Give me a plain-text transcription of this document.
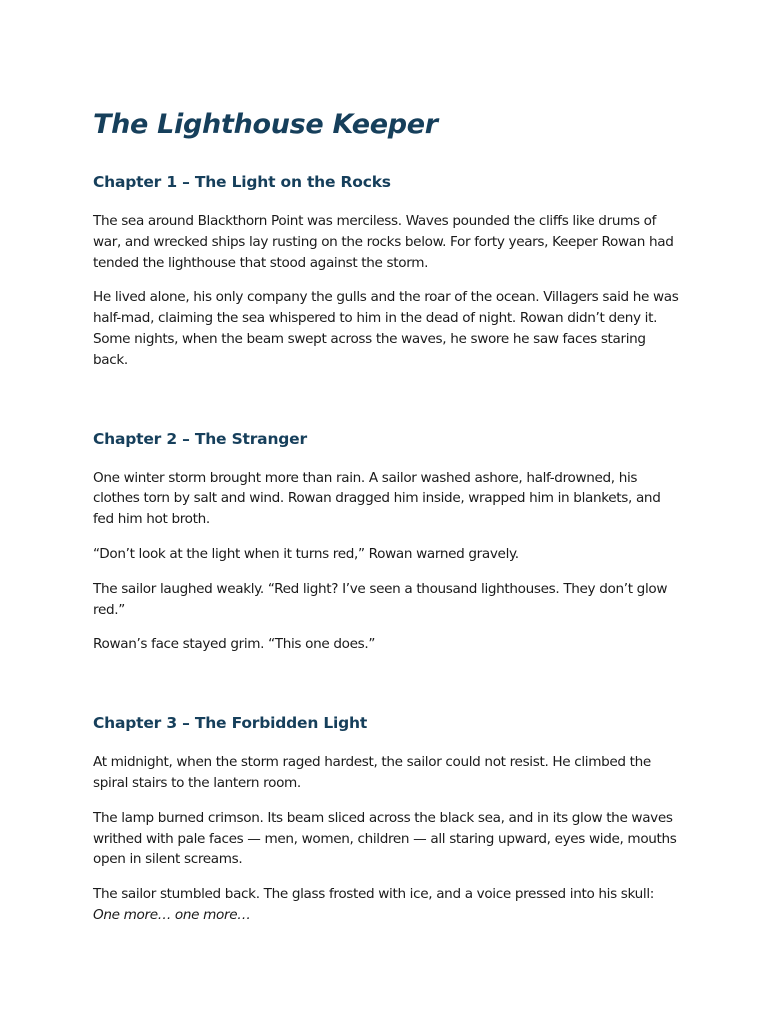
The Lighthouse Keeper
Chapter 1 – The Light on the Rocks

The sea around Blackthorn Point was merciless. Waves pounded the cliffs like drums of war, and wrecked ships lay rusting on the rocks below. For forty years, Keeper Rowan had tended the lighthouse that stood against the storm.

He lived alone, his only company the gulls and the roar of the ocean. Villagers said he was half-mad, claiming the sea whispered to him in the dead of night. Rowan didn’t deny it. Some nights, when the beam swept across the waves, he swore he saw faces staring back.

Chapter 2 – The Stranger

One winter storm brought more than rain. A sailor washed ashore, half-drowned, his clothes torn by salt and wind. Rowan dragged him inside, wrapped him in blankets, and fed him hot broth.

“Don’t look at the light when it turns red,” Rowan warned gravely.

The sailor laughed weakly. “Red light? I’ve seen a thousand lighthouses. They don’t glow red.”

Rowan’s face stayed grim. “This one does.”

Chapter 3 – The Forbidden Light

At midnight, when the storm raged hardest, the sailor could not resist. He climbed the spiral stairs to the lantern room.

The lamp burned crimson. Its beam sliced across the black sea, and in its glow the waves writhed with pale faces — men, women, children — all staring upward, eyes wide, mouths open in silent screams.

The sailor stumbled back. The glass frosted with ice, and a voice pressed into his skull:
One more… one more…
